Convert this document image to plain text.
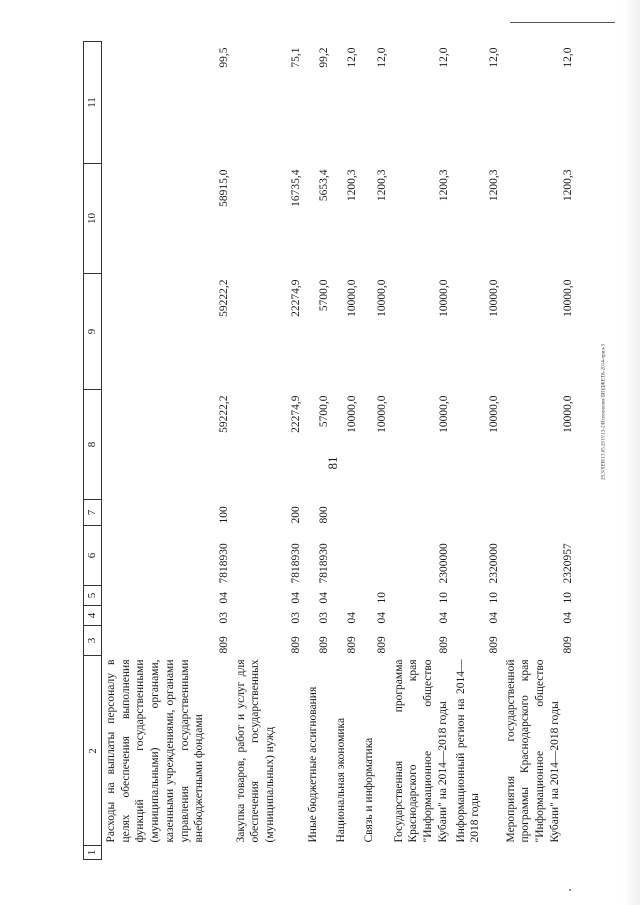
81	29.3\XER\13.05.2015\13-2\Исполнение БЮДЖЕТА-2014-прил-3
1	2	3	4	5	6	7	8	9	10	11
	Расходы на выплаты персоналу в целях обеспечения выполнения функций государственными (муниципальными) органами, казенными учреждениями, органами управления государственными внебюджетными фондами	809	03	04	7818930	100	59222,2	59222,2	58915,0	99,5
	Закупка товаров, работ и услуг для обеспечения государственных (муниципальных) нужд	809	03	04	7818930	200	22274,9	22274,9	16735,4	75,1
	Иные бюджетные ассигнования	809	03	04	7818930	800	5700,0	5700,0	5653,4	99,2
	Национальная экономика	809	04				10000,0	10000,0	1200,3	12,0
	Связь и информатика	809	04	10			10000,0	10000,0	1200,3	12,0
	Государственная программа Краснодарского края "Информационное общество Кубани" на 2014—2018 годы	809	04	10	2300000		10000,0	10000,0	1200,3	12,0
	Информационный регион на 2014—2018 годы	809	04	10	2320000		10000,0	10000,0	1200,3	12,0
	Мероприятия государственной программы Краснодарского края "Информационное общество Кубани" на 2014—2018 годы	809	04	10	2320957		10000,0	10000,0	1200,3	12,0
